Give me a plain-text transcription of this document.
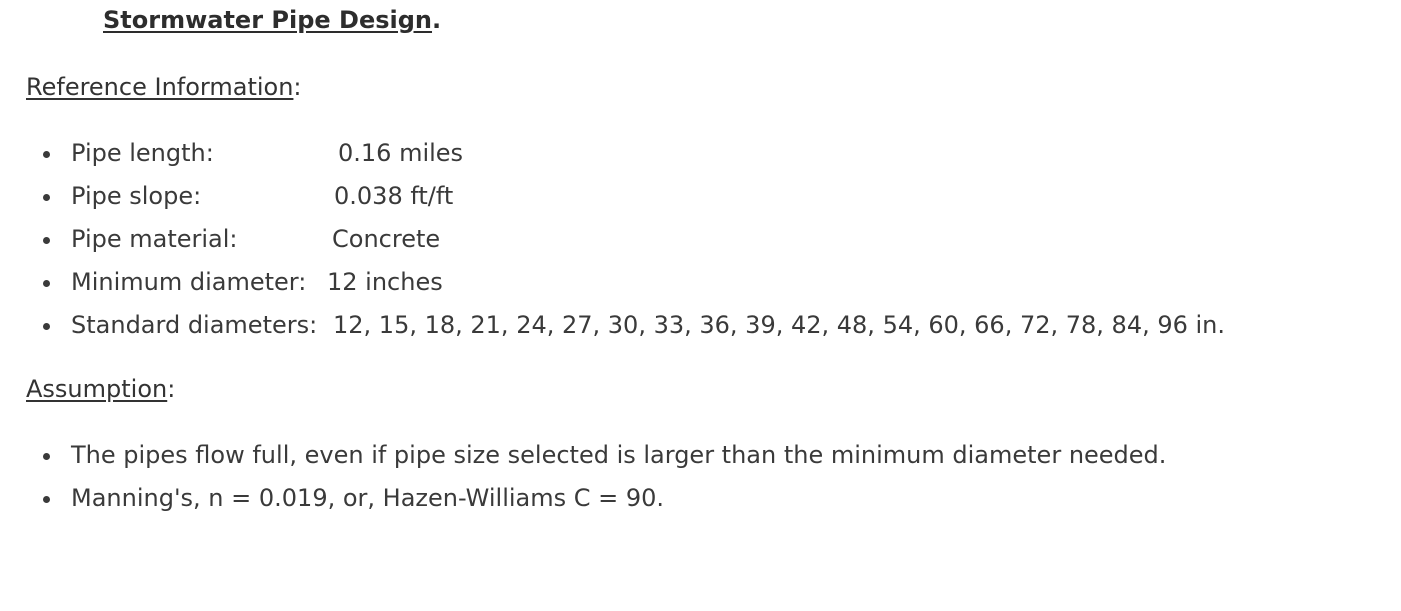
Stormwater Pipe Design.
Reference Information:
Pipe length:	0.16 miles
Pipe slope:	0.038 ft/ft
Pipe material:	Concrete
Minimum diameter: 12 inches
Standard diameters: 12, 15, 18, 21, 24, 27, 30, 33, 36, 39, 42, 48, 54, 60, 66, 72, 78, 84, 96 in.
Assumption:
The pipes flow full, even if pipe size selected is larger than the minimum diameter needed.
Manning's, n = 0.019, or, Hazen-Williams C = 90.
